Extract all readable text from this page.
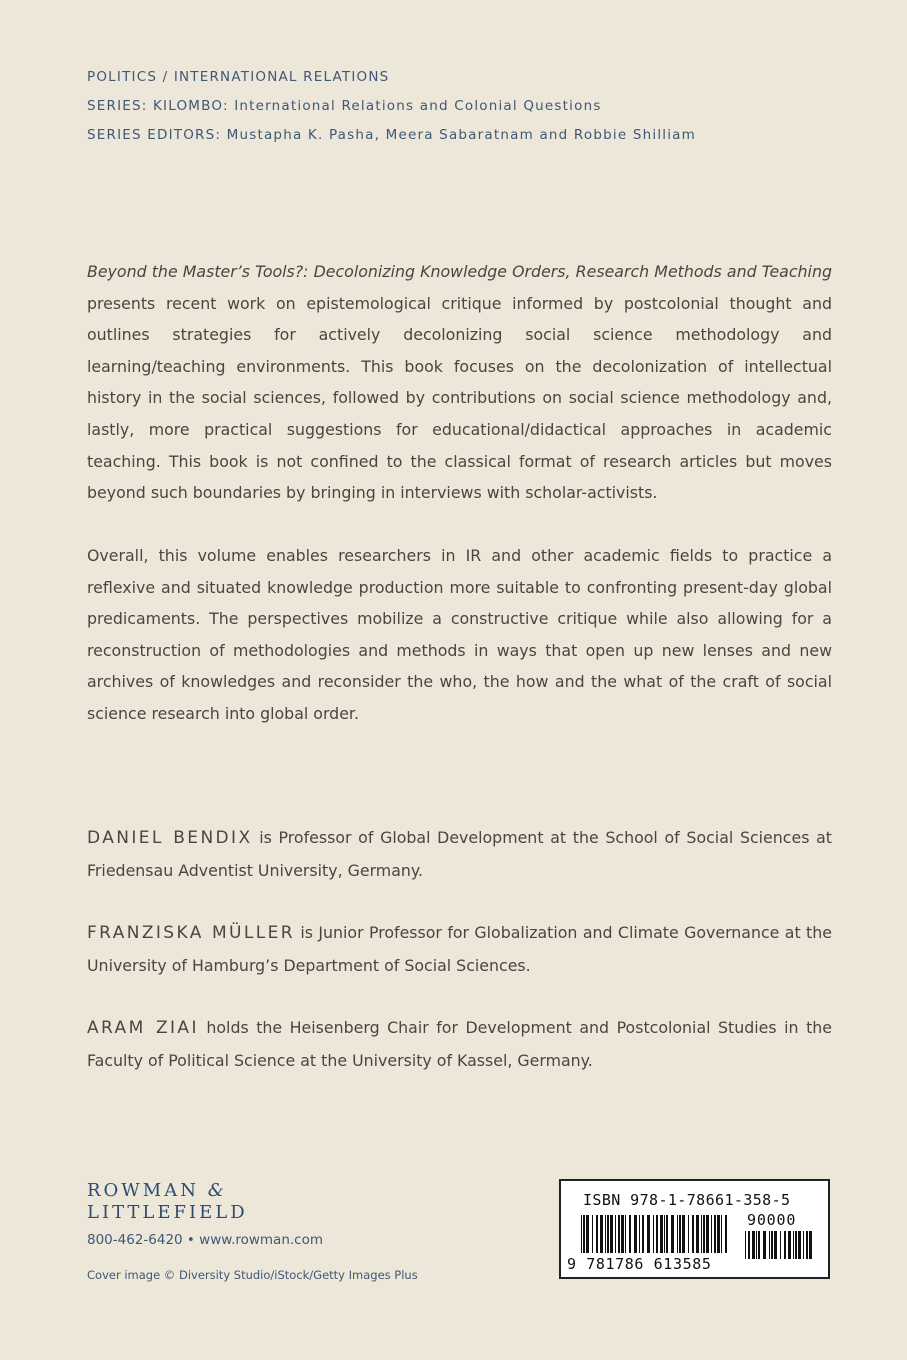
POLITICS / INTERNATIONAL RELATIONS
SERIES: KILOMBO: International Relations and Colonial Questions
SERIES EDITORS: Mustapha K. Pasha, Meera Sabaratnam and Robbie Shilliam

Beyond the Master’s Tools?: Decolonizing Knowledge Orders, Research Methods and Teaching presents recent work on epistemological critique informed by postcolonial thought and outlines strategies for actively decolonizing social science methodology and learning/teaching environments. This book focuses on the decolonization of intellectual history in the social sciences, followed by contributions on social science methodology and, lastly, more practical suggestions for educational/didactical approaches in academic teaching. This book is not confined to the classical format of research articles but moves beyond such boundaries by bringing in interviews with scholar-activists.

Overall, this volume enables researchers in IR and other academic fields to practice a reflexive and situated knowledge production more suitable to confronting present-day global predicaments. The perspectives mobilize a constructive critique while also allowing for a reconstruction of methodologies and methods in ways that open up new lenses and new archives of knowledges and reconsider the who, the how and the what of the craft of social science research into global order.

DANIEL BENDIX is Professor of Global Development at the School of Social Sciences at Friedensau Adventist University, Germany.

FRANZISKA MÜLLER is Junior Professor for Globalization and Climate Governance at the University of Hamburg’s Department of Social Sciences.

ARAM ZIAI holds the Heisenberg Chair for Development and Postcolonial Studies in the Faculty of Political Science at the University of Kassel, Germany.

ROWMAN &
LITTLEFIELD
800-462-6420 • www.rowman.com
Cover image © Diversity Studio/iStock/Getty Images Plus
ISBN 978-1-78661-358-5
90000
9 781786 613585
